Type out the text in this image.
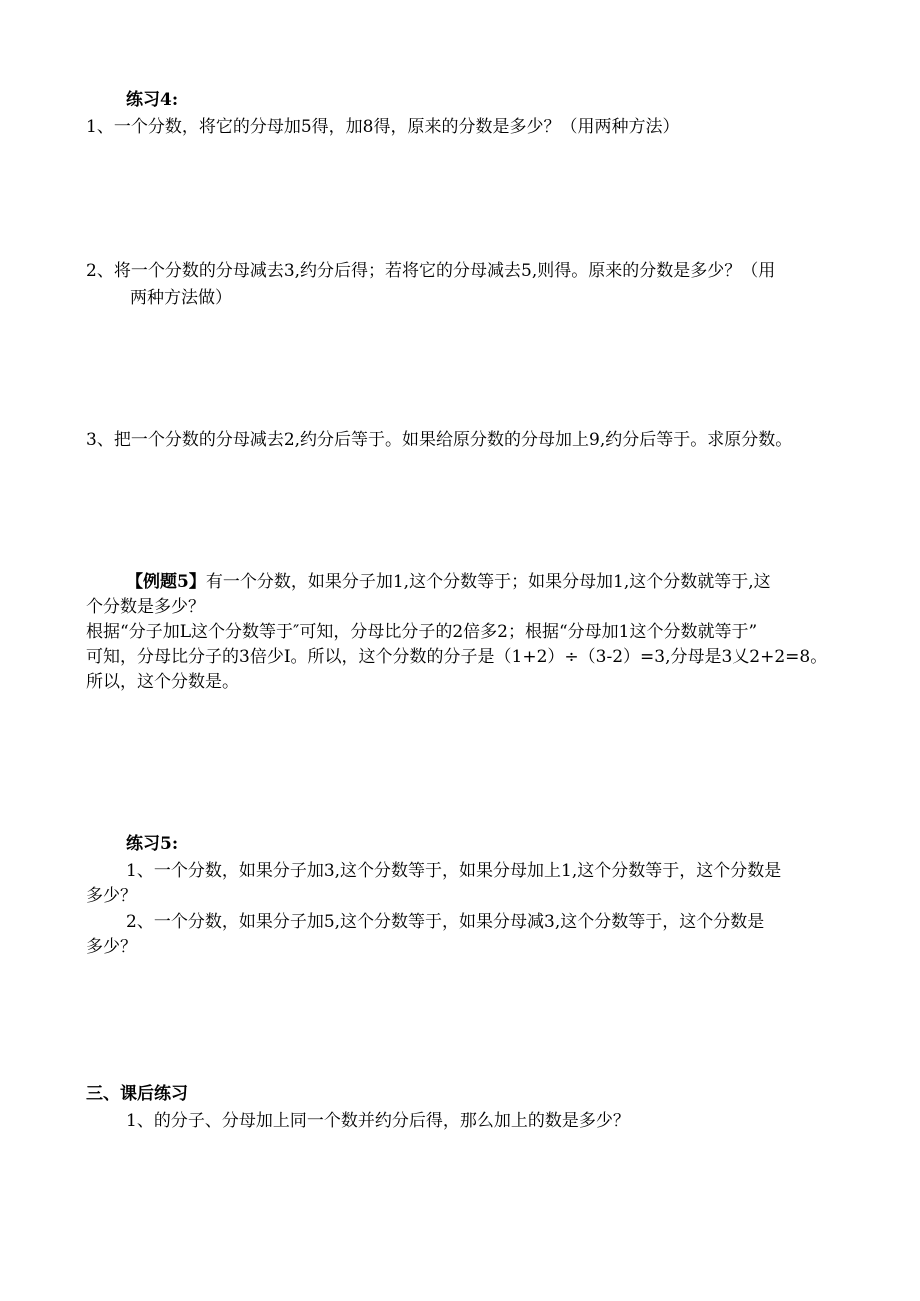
练习4:

1、一个分数，将它的分母加5得，加8得，原来的分数是多少？（用两种方法）

2、将一个分数的分母减去3,约分后得；若将它的分母减去5,则得。原来的分数是多少？（用

两种方法做）

3、把一个分数的分母减去2,约分后等于。如果给原分数的分母加上9,约分后等于。求原分数。

【例题5】有一个分数，如果分子加1,这个分数等于；如果分母加1,这个分数就等于,这

个分数是多少？

根据“分子加L这个分数等于″可知，分母比分子的2倍多2；根据“分母加1这个分数就等于”

可知，分母比分子的3倍少I。所以，这个分数的分子是（1+2）÷（3-2）=3,分母是3乂2+2=8。

所以，这个分数是。

练习5:

1、一个分数，如果分子加3,这个分数等于，如果分母加上1,这个分数等于，这个分数是

多少？

2、一个分数，如果分子加5,这个分数等于，如果分母减3,这个分数等于，这个分数是

多少？

三、课后练习

1、的分子、分母加上同一个数并约分后得，那么加上的数是多少？
